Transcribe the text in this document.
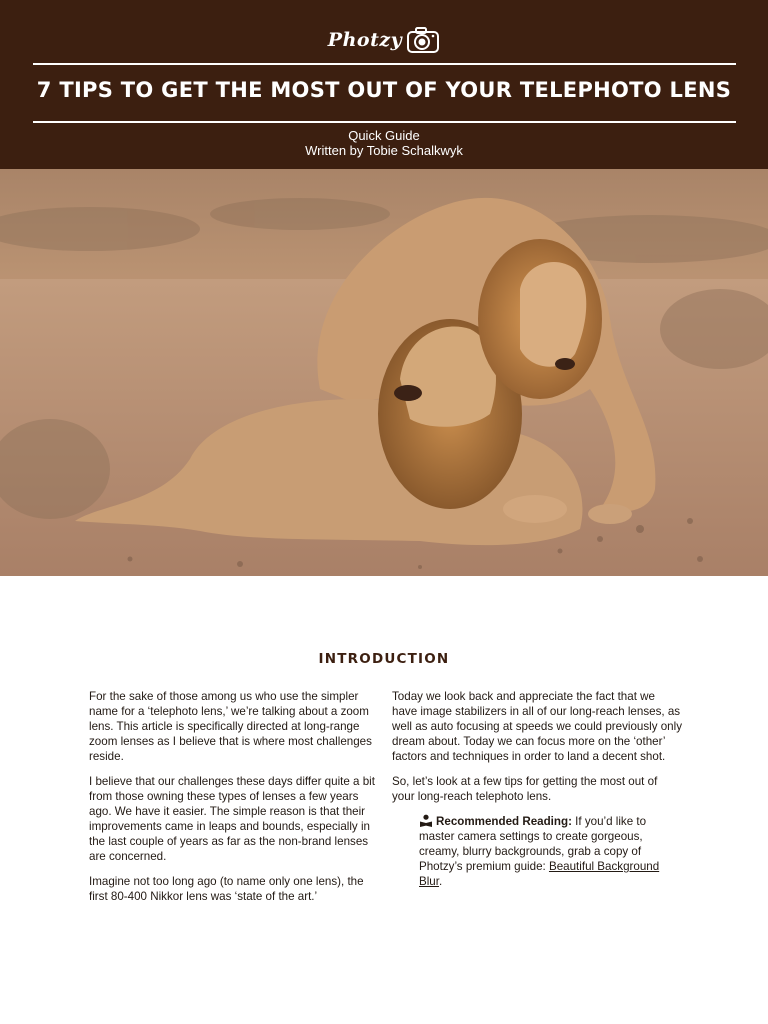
Photzy
7 TIPS TO GET THE MOST OUT OF YOUR TELEPHOTO LENS
Quick Guide
Written by Tobie Schalkwyk
INTRODUCTION

For the sake of those among us who use the simpler name for a ‘telephoto lens,’ we’re talking about a zoom lens. This article is specifically directed at long-range zoom lenses as I believe that is where most challenges reside.

I believe that our challenges these days differ quite a bit from those owning these types of lenses a few years ago. We have it easier. The simple reason is that their improvements came in leaps and bounds, especially in the last couple of years as far as the non-brand lenses are concerned.

Imagine not too long ago (to name only one lens), the first 80-400 Nikkor lens was ‘state of the art.’

Today we look back and appreciate the fact that we have image stabilizers in all of our long-reach lenses, as well as auto focusing at speeds we could previously only dream about. Today we can focus more on the ‘other’ factors and techniques in order to land a decent shot.

So, let’s look at a few tips for getting the most out of your long-reach telephoto lens.

Recommended Reading: If you’d like to master camera settings to create gorgeous, creamy, blurry backgrounds, grab a copy of Photzy’s premium guide: Beautiful Background Blur.
